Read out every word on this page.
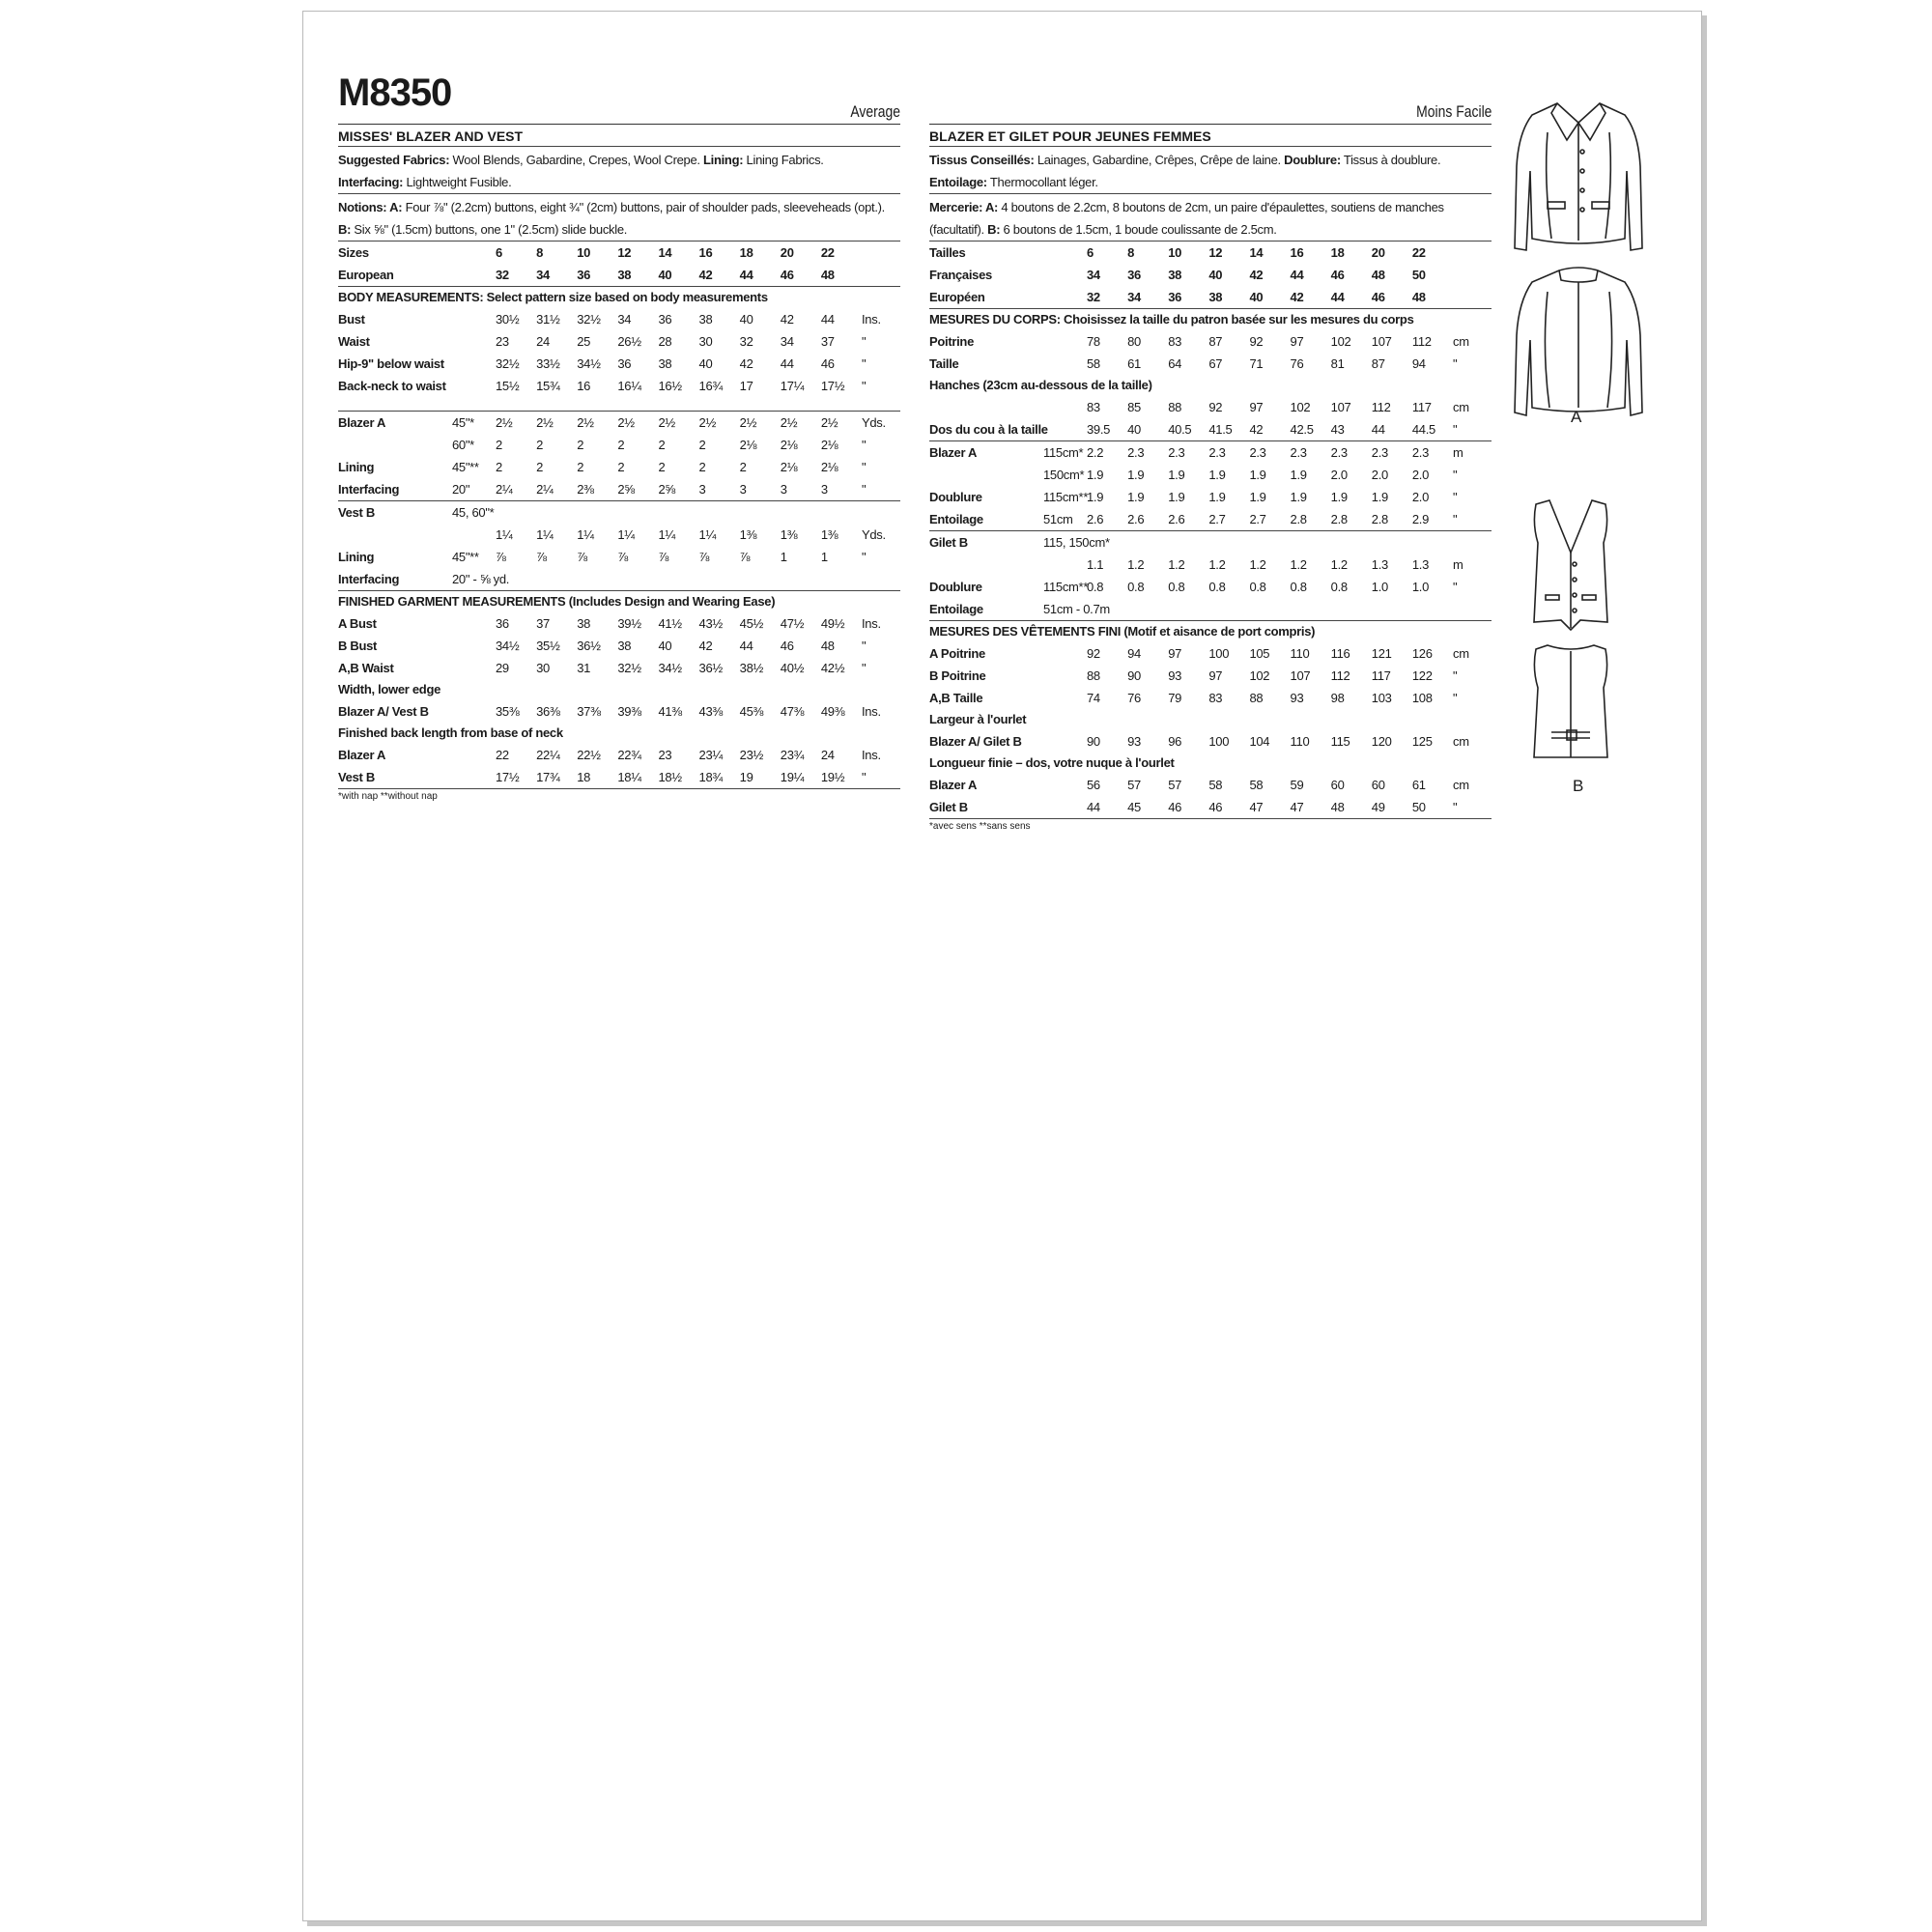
M8350	Average
MISSES' BLAZER AND VEST
Suggested Fabrics: Wool Blends, Gabardine, Crepes, Wool Crepe. Lining: Lining Fabrics.
Interfacing: Lightweight Fusible.
Notions: A: Four ⅞" (2.2cm) buttons, eight ¾" (2cm) buttons, pair of shoulder pads, sleeveheads (opt.). B: Six ⅝" (1.5cm) buttons, one 1" (2.5cm) slide buckle.
Sizes		6	8	10	12	14	16	18	20	22	
European		32	34	36	38	40	42	44	46	48	
BODY MEASUREMENTS: Select pattern size based on body measurements
Bust		30½	31½	32½	34	36	38	40	42	44	Ins.
Waist		23	24	25	26½	28	30	32	34	37	"
Hip-9" below waist		32½	33½	34½	36	38	40	42	44	46	"
Back-neck to waist		15½	15¾	16	16¼	16½	16¾	17	17¼	17½	"
Blazer A	45"*	2½	2½	2½	2½	2½	2½	2½	2½	2½	Yds.
	60"*	2	2	2	2	2	2	2⅛	2⅛	2⅛	"
Lining	45"**	2	2	2	2	2	2	2	2⅛	2⅛	"
Interfacing	20"	2¼	2¼	2⅜	2⅝	2⅝	3	3	3	3	"
Vest B	45, 60"*										
		1¼	1¼	1¼	1¼	1¼	1¼	1⅜	1⅜	1⅜	Yds.
Lining	45"**	⅞	⅞	⅞	⅞	⅞	⅞	⅞	1	1	"
Interfacing	20" - ⅝ yd.										
FINISHED GARMENT MEASUREMENTS (Includes Design and Wearing Ease)
A Bust		36	37	38	39½	41½	43½	45½	47½	49½	Ins.
B Bust		34½	35½	36½	38	40	42	44	46	48	"
A,B Waist		29	30	31	32½	34½	36½	38½	40½	42½	"
Width, lower edge
Blazer A/ Vest B		35⅜	36⅜	37⅜	39⅜	41⅜	43⅜	45⅜	47⅜	49⅜	Ins.
Finished back length from base of neck
Blazer A		22	22¼	22½	22¾	23	23¼	23½	23¾	24	Ins.
Vest B		17½	17¾	18	18¼	18½	18¾	19	19¼	19½	"
*with nap **without nap
Moins Facile
BLAZER ET GILET POUR JEUNES FEMMES
Tissus Conseillés: Lainages, Gabardine, Crêpes, Crêpe de laine. Doublure: Tissus à doublure.
Entoilage: Thermocollant léger.
Mercerie: A: 4 boutons de 2.2cm, 8 boutons de 2cm, un paire d'épaulettes, soutiens de manches (facultatif). B: 6 boutons de 1.5cm, 1 boude coulissante de 2.5cm.
Tailles		6	8	10	12	14	16	18	20	22	
Françaises		34	36	38	40	42	44	46	48	50	
Européen		32	34	36	38	40	42	44	46	48	
MESURES DU CORPS: Choisissez la taille du patron basée sur les mesures du corps
Poitrine		78	80	83	87	92	97	102	107	112	cm
Taille		58	61	64	67	71	76	81	87	94	"
Hanches (23cm au-dessous de la taille)
		83	85	88	92	97	102	107	112	117	cm
Dos du cou à la taille		39.5	40	40.5	41.5	42	42.5	43	44	44.5	"
Blazer A	115cm*	2.2	2.3	2.3	2.3	2.3	2.3	2.3	2.3	2.3	m
	150cm*	1.9	1.9	1.9	1.9	1.9	1.9	2.0	2.0	2.0	"
Doublure	115cm**	1.9	1.9	1.9	1.9	1.9	1.9	1.9	1.9	2.0	"
Entoilage	51cm	2.6	2.6	2.6	2.7	2.7	2.8	2.8	2.8	2.9	"
Gilet B	115, 150cm*										
		1.1	1.2	1.2	1.2	1.2	1.2	1.2	1.3	1.3	m
Doublure	115cm**	0.8	0.8	0.8	0.8	0.8	0.8	0.8	1.0	1.0	"
Entoilage	51cm - 0.7m										
MESURES DES VÊTEMENTS FINI (Motif et aisance de port compris)
A Poitrine		92	94	97	100	105	110	116	121	126	cm
B Poitrine		88	90	93	97	102	107	112	117	122	"
A,B Taille		74	76	79	83	88	93	98	103	108	"
Largeur à l'ourlet
Blazer A/ Gilet B		90	93	96	100	104	110	115	120	125	cm
Longueur finie – dos, votre nuque à l'ourlet
Blazer A		56	57	57	58	58	59	60	60	61	cm
Gilet B		44	45	46	46	47	47	48	49	50	"
*avec sens **sans sens
A
B
